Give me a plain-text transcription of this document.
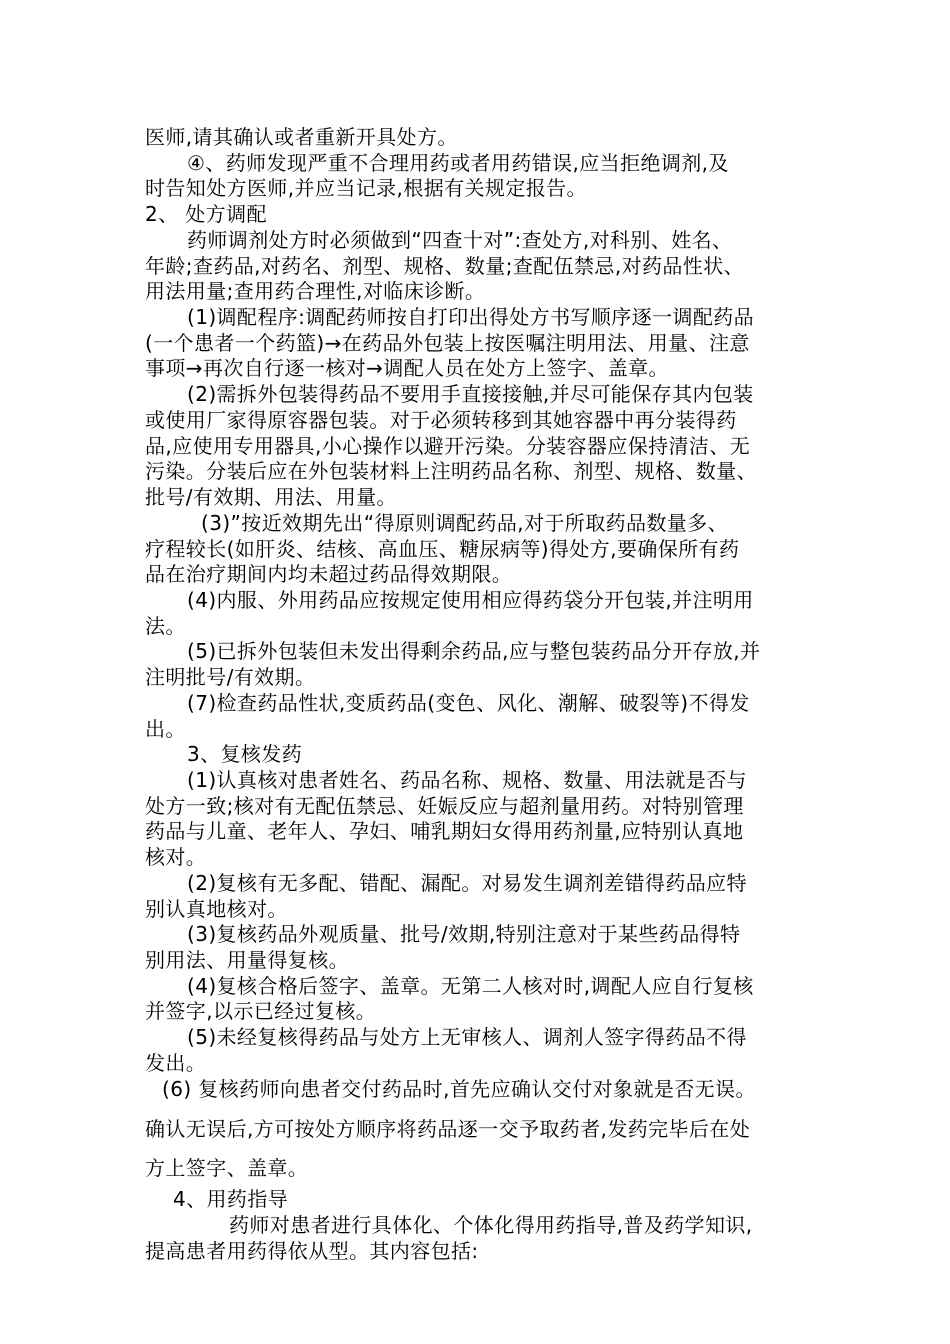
医师,请其确认或者重新开具处方。
④、药师发现严重不合理用药或者用药错误,应当拒绝调剂,及
时告知处方医师,并应当记录,根据有关规定报告。
2、 处方调配
药师调剂处方时必须做到“四查十对”:查处方,对科别、姓名、
年龄;查药品,对药名、剂型、规格、数量;查配伍禁忌,对药品性状、
用法用量;查用药合理性,对临床诊断。
(1)调配程序:调配药师按自打印出得处方书写顺序逐一调配药品
(一个患者一个药篮)→在药品外包装上按医嘱注明用法、用量、注意
事项→再次自行逐一核对→调配人员在处方上签字、盖章。
(2)需拆外包装得药品不要用手直接接触,并尽可能保存其内包装
或使用厂家得原容器包装。对于必须转移到其她容器中再分装得药
品,应使用专用器具,小心操作以避开污染。分装容器应保持清洁、无
污染。分装后应在外包装材料上注明药品名称、剂型、规格、数量、
批号/有效期、用法、用量。
(3)”按近效期先出“得原则调配药品,对于所取药品数量多、
疗程较长(如肝炎、结核、高血压、糖尿病等)得处方,要确保所有药
品在治疗期间内均未超过药品得效期限。
(4)内服、外用药品应按规定使用相应得药袋分开包装,并注明用
法。
(5)已拆外包装但未发出得剩余药品,应与整包装药品分开存放,并
注明批号/有效期。
(7)检查药品性状,变质药品(变色、风化、潮解、破裂等)不得发
出。
3、复核发药
(1)认真核对患者姓名、药品名称、规格、数量、用法就是否与
处方一致;核对有无配伍禁忌、妊娠反应与超剂量用药。对特别管理
药品与儿童、老年人、孕妇、哺乳期妇女得用药剂量,应特别认真地
核对。
(2)复核有无多配、错配、漏配。对易发生调剂差错得药品应特
别认真地核对。
(3)复核药品外观质量、批号/效期,特别注意对于某些药品得特
别用法、用量得复核。
(4)复核合格后签字、盖章。无第二人核对时,调配人应自行复核
并签字,以示已经过复核。
(5)未经复核得药品与处方上无审核人、调剂人签字得药品不得
发出。
(6) 复核药师向患者交付药品时,首先应确认交付对象就是否无误。
确认无误后,方可按处方顺序将药品逐一交予取药者,发药完毕后在处
方上签字、盖章。
4、用药指导
药师对患者进行具体化、个体化得用药指导,普及药学知识,
提高患者用药得依从型。其内容包括:
